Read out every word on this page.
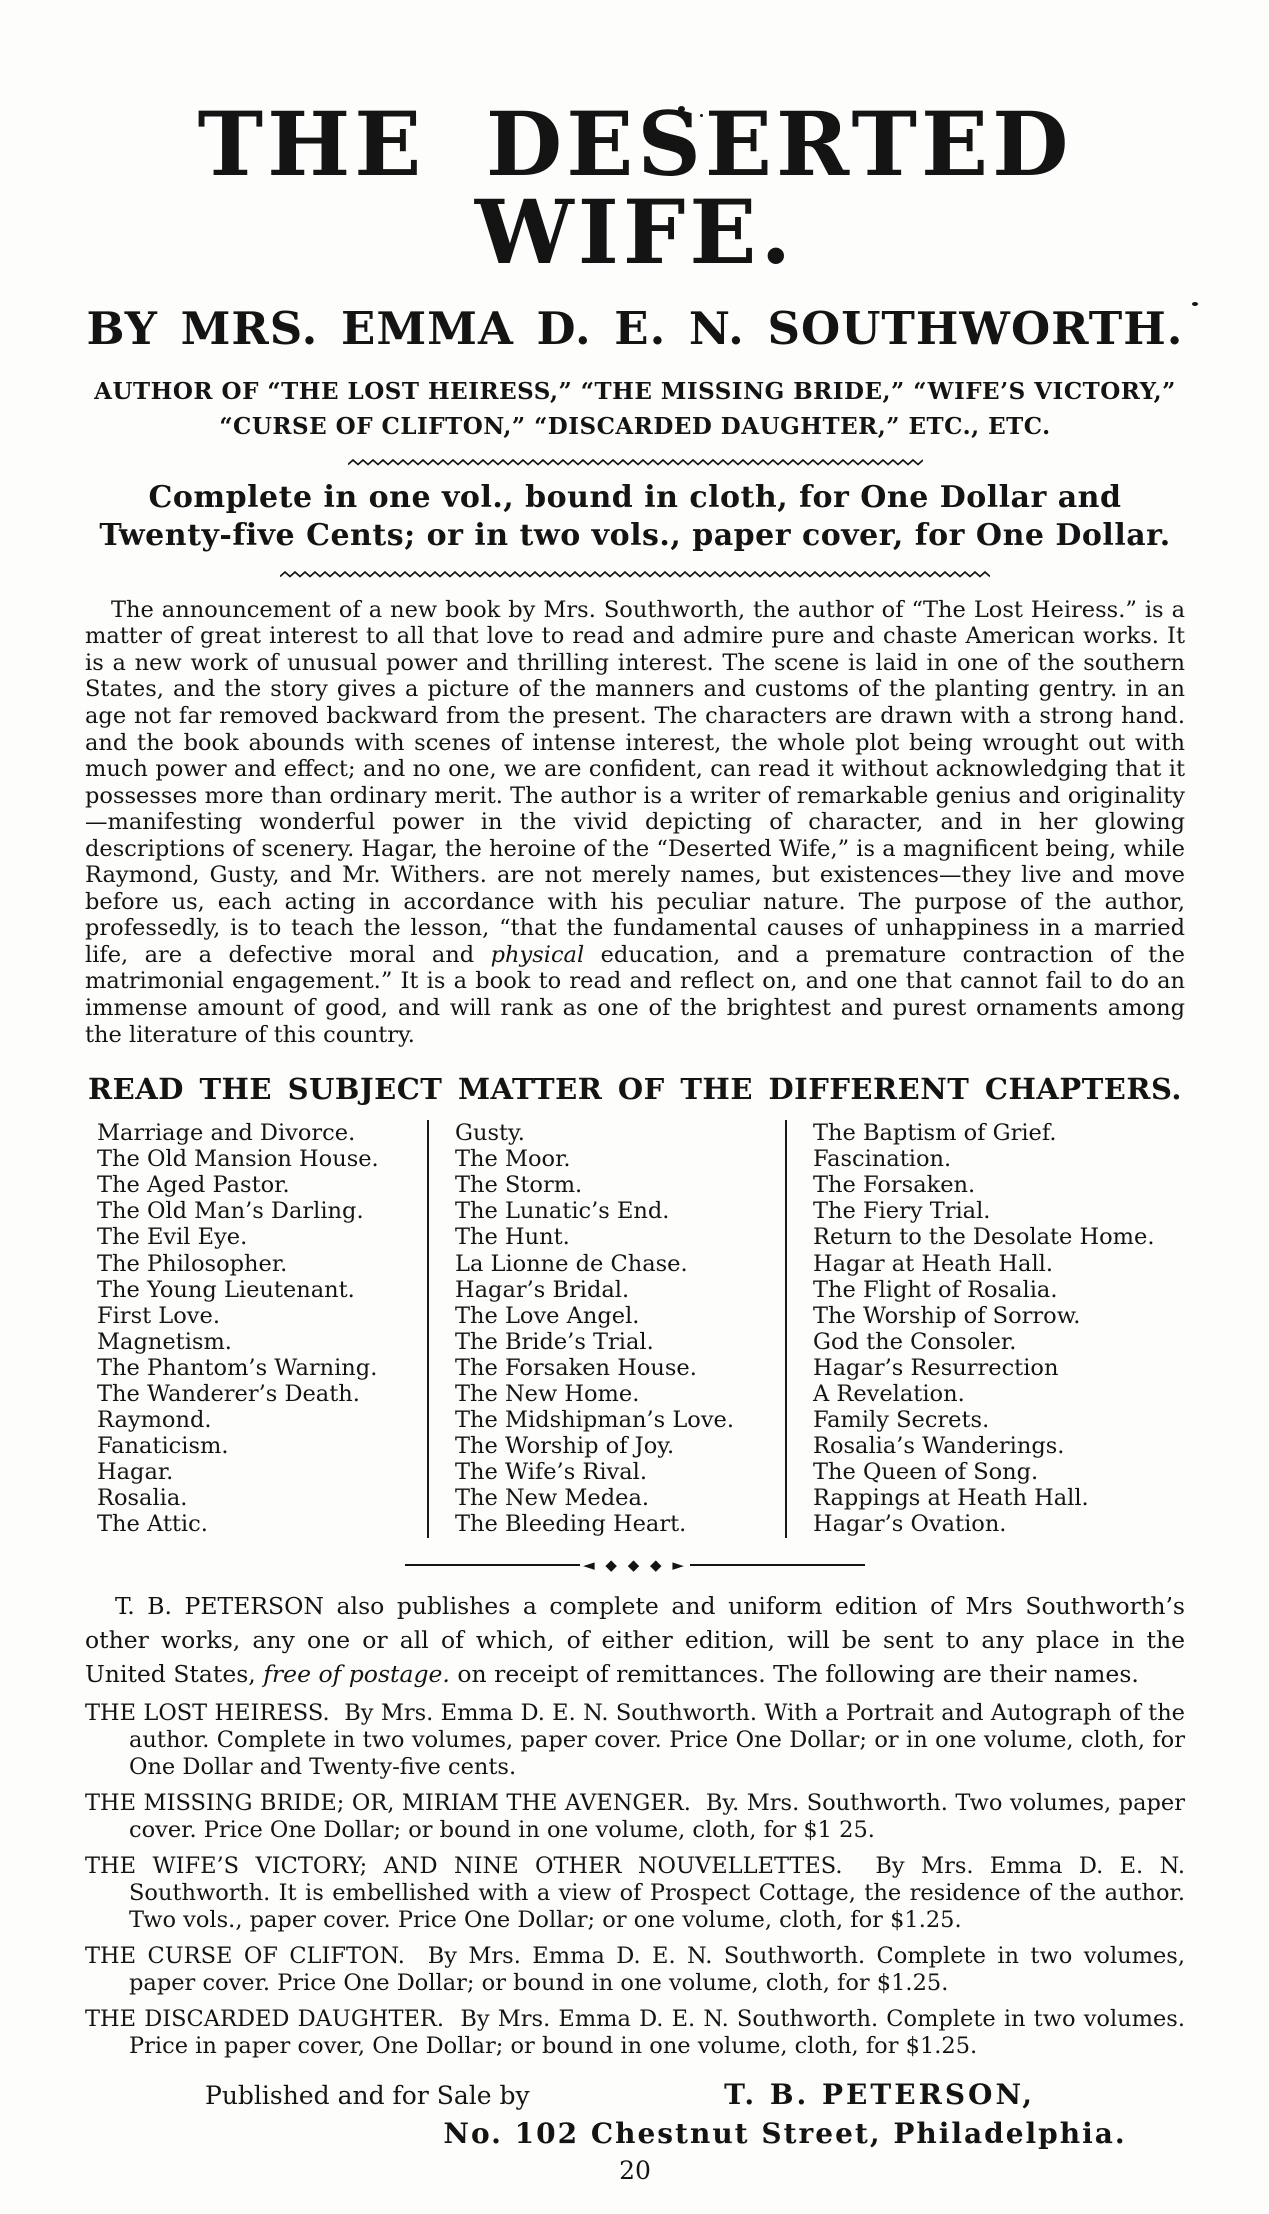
THE DESERTED WIFE.
BY MRS. EMMA D. E. N. SOUTHWORTH.
AUTHOR OF “THE LOST HEIRESS,” “THE MISSING BRIDE,” “WIFE’S VICTORY,”
“CURSE OF CLIFTON,” “DISCARDED DAUGHTER,” ETC., ETC.
Complete in one vol., bound in cloth, for One Dollar and Twenty-five Cents; or in two vols., paper cover, for One Dollar.

The announcement of a new book by Mrs. Southworth, the author of “The Lost Heiress.” is a matter of great interest to all that love to read and admire pure and chaste American works. It is a new work of unusual power and thrilling interest. The scene is laid in one of the southern States, and the story gives a picture of the manners and customs of the planting gentry. in an age not far removed backward from the present. The characters are drawn with a strong hand. and the book abounds with scenes of intense interest, the whole plot being wrought out with much power and effect; and no one, we are confident, can read it without acknowledging that it possesses more than ordinary merit. The author is a writer of remarkable genius and originality—manifesting wonderful power in the vivid depicting of character, and in her glowing descriptions of scenery. Hagar, the heroine of the “Deserted Wife,” is a magnificent being, while Raymond, Gusty, and Mr. Withers. are not merely names, but existences—they live and move before us, each acting in accordance with his peculiar nature. The purpose of the author, professedly, is to teach the lesson, “that the fundamental causes of unhappiness in a married life, are a defective moral and physical education, and a premature contraction of the matrimonial engagement.” It is a book to read and reflect on, and one that cannot fail to do an immense amount of good, and will rank as one of the brightest and purest ornaments among the literature of this country.

READ THE SUBJECT MATTER OF THE DIFFERENT CHAPTERS.
Marriage and Divorce.
The Old Mansion House.
The Aged Pastor.
The Old Man’s Darling.
The Evil Eye.
The Philosopher.
The Young Lieutenant.
First Love.
Magnetism.
The Phantom’s Warning.
The Wanderer’s Death.
Raymond.
Fanaticism.
Hagar.
Rosalia.
The Attic.
Gusty.
The Moor.
The Storm.
The Lunatic’s End.
The Hunt.
La Lionne de Chase.
Hagar’s Bridal.
The Love Angel.
The Bride’s Trial.
The Forsaken House.
The New Home.
The Midshipman’s Love.
The Worship of Joy.
The Wife’s Rival.
The New Medea.
The Bleeding Heart.
The Baptism of Grief.
Fascination.
The Forsaken.
The Fiery Trial.
Return to the Desolate Home.
Hagar at Heath Hall.
The Flight of Rosalia.
The Worship of Sorrow.
God the Consoler.
Hagar’s Resurrection
A Revelation.
Family Secrets.
Rosalia’s Wanderings.
The Queen of Song.
Rappings at Heath Hall.
Hagar’s Ovation.
◄ ◆ ◆ ◆ ►

T. B. PETERSON also publishes a complete and uniform edition of Mrs Southworth’s other works, any one or all of which, of either edition, will be sent to any place in the United States, free of postage. on receipt of remittances. The following are their names.

THE LOST HEIRESS. By Mrs. Emma D. E. N. Southworth. With a Portrait and Autograph of the author. Complete in two volumes, paper cover. Price One Dollar; or in one volume, cloth, for One Dollar and Twenty-five cents.

THE MISSING BRIDE; OR, MIRIAM THE AVENGER. By. Mrs. Southworth. Two volumes, paper cover. Price One Dollar; or bound in one volume, cloth, for $1 25.

THE WIFE’S VICTORY; AND NINE OTHER NOUVELLETTES. By Mrs. Emma D. E. N. Southworth. It is embellished with a view of Prospect Cottage, the residence of the author. Two vols., paper cover. Price One Dollar; or one volume, cloth, for $1.25.

THE CURSE OF CLIFTON. By Mrs. Emma D. E. N. Southworth. Complete in two volumes, paper cover. Price One Dollar; or bound in one volume, cloth, for $1.25.

THE DISCARDED DAUGHTER. By Mrs. Emma D. E. N. Southworth. Complete in two volumes. Price in paper cover, One Dollar; or bound in one volume, cloth, for $1.25.

Published and for Sale by	T. B. PETERSON,
No. 102 Chestnut Street, Philadelphia.
20
